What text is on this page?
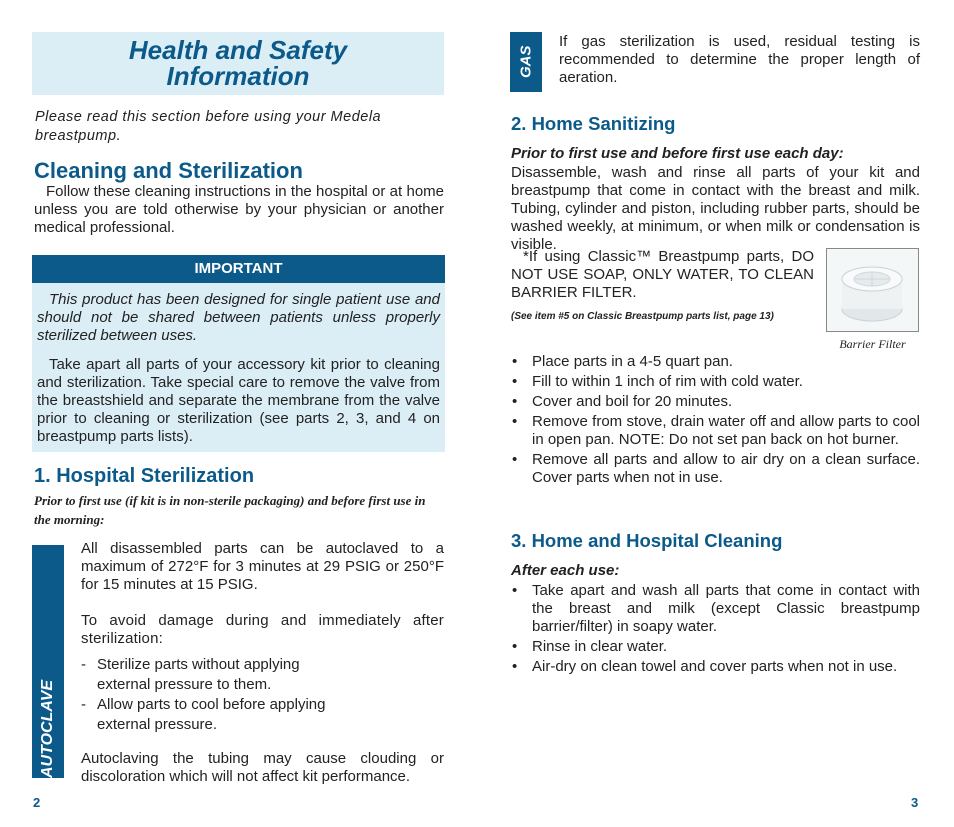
Health and Safety
Information
Please read this section before using your Medela breastpump.
Cleaning and Sterilization
Follow these cleaning instructions in the hospital or at home unless you are told otherwise by your physician or another medical professional.
IMPORTANT
This product has been designed for single patient use and should not be shared between patients unless properly sterilized between uses.
Take apart all parts of your accessory kit prior to cleaning and sterilization. Take special care to remove the valve from the breastshield and separate the membrane from the valve prior to cleaning or sterilization (see parts 2, 3, and 4 on breastpump parts lists).
1. Hospital Sterilization
Prior to first use (if kit is in non-sterile packaging) and before first use in the morning:
AUTOCLAVE
All disassembled parts can be autoclaved to a maximum of 272°F for 3 minutes at 29 PSIG or 250°F for 15 minutes at 15 PSIG.
To avoid damage during and immediately after sterilization:
- Sterilize parts without applying
external pressure to them.
- Allow parts to cool before applying
external pressure.
Autoclaving the tubing may cause clouding or discoloration which will not affect kit performance.
2
GAS
If gas sterilization is used, residual testing is recommended to determine the proper length of aeration.
2. Home Sanitizing
Prior to first use and before first use each day:
Disassemble, wash and rinse all parts of your kit and breastpump that come in contact with the breast and milk. Tubing, cylinder and piston, including rubber parts, should be washed weekly, at minimum, or when milk or condensation is visible.
*If using Classic™ Breastpump parts, DO NOT USE SOAP, ONLY WATER, TO CLEAN BARRIER FILTER.
(See item #5 on Classic Breastpump parts list, page 13)
Barrier Filter
• Place parts in a 4-5 quart pan.
• Fill to within 1 inch of rim with cold water.
• Cover and boil for 20 minutes.
• Remove from stove, drain water off and allow parts to cool in open pan. NOTE: Do not set pan back on hot burner.
• Remove all parts and allow to air dry on a clean surface. Cover parts when not in use.
3. Home and Hospital Cleaning
After each use:
• Take apart and wash all parts that come in contact with the breast and milk (except Classic breastpump barrier/filter) in soapy water.
• Rinse in clear water.
• Air-dry on clean towel and cover parts when not in use.
3
